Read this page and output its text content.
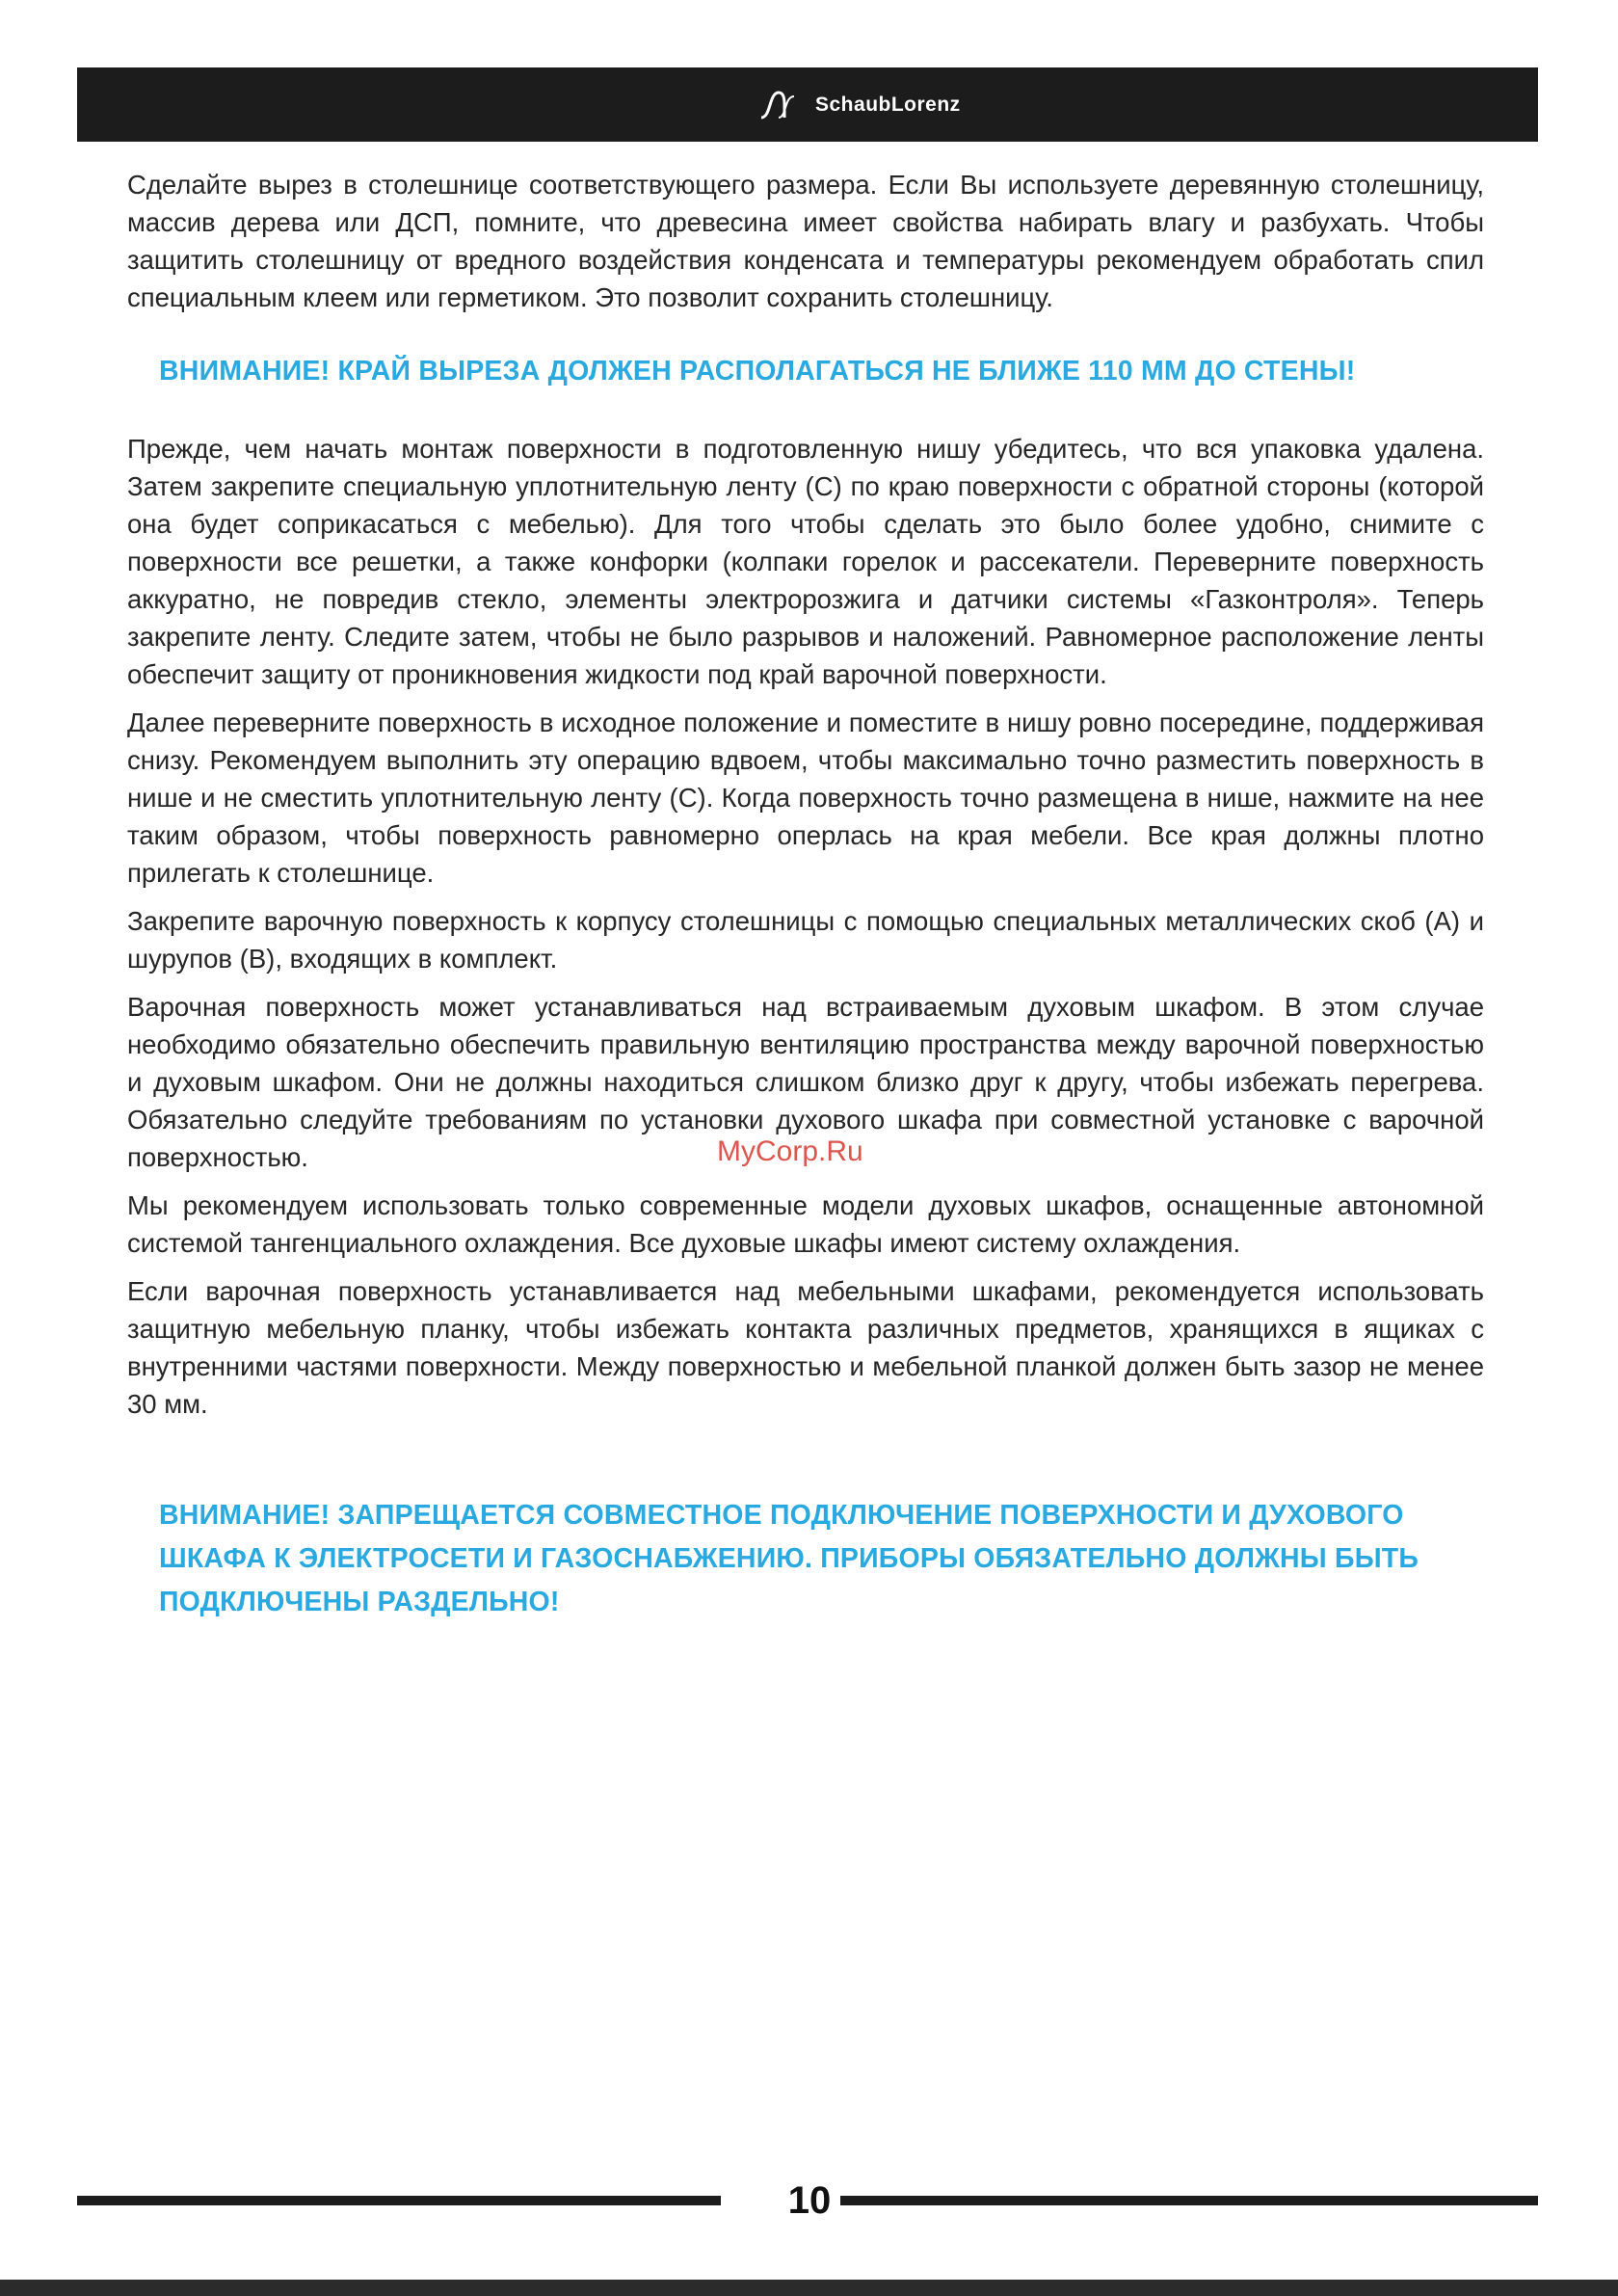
SchaubLorenz

Сделайте вырез в столешнице соответствующего размера. Если Вы используете деревянную столешницу, массив дерева или ДСП, помните, что древесина имеет свойства набирать влагу и разбухать. Чтобы защитить столешницу от вредного воздействия конденсата и температуры рекомендуем обработать спил специальным клеем или герметиком. Это позволит сохранить столешницу.

ВНИМАНИЕ! КРАЙ ВЫРЕЗА ДОЛЖЕН РАСПОЛАГАТЬСЯ НЕ БЛИЖЕ 110 ММ ДО СТЕНЫ!

Прежде, чем начать монтаж поверхности в подготовленную нишу убедитесь, что вся упаковка удалена. Затем закрепите специальную уплотнительную ленту (С) по краю поверхности с обратной стороны (которой она будет соприкасаться с мебелью). Для того чтобы сделать это было более удобно, снимите с поверхности все решетки, а также конфорки (колпаки горелок и рассекатели. Переверните поверхность аккуратно, не повредив стекло, элементы электророзжига и датчики системы «Газконтроля». Теперь закрепите ленту. Следите затем, чтобы не было разрывов и наложений. Равномерное расположение ленты обеспечит защиту от проникновения жидкости под край варочной поверхности.

Далее переверните поверхность в исходное положение и поместите в нишу ровно посередине, поддерживая снизу. Рекомендуем выполнить эту операцию вдвоем, чтобы максимально точно разместить поверхность в нише и не сместить уплотнительную ленту (С). Когда поверхность точно размещена в нише, нажмите на нее таким образом, чтобы поверхность равномерно оперлась на края мебели. Все края должны плотно прилегать к столешнице.

Закрепите варочную поверхность к корпусу столешницы с помощью специальных металлических скоб (А) и шурупов (В), входящих в комплект.

Варочная поверхность может устанавливаться над встраиваемым духовым шкафом. В этом случае необходимо обязательно обеспечить правильную вентиляцию пространства между варочной поверхностью и духовым шкафом. Они не должны находиться слишком близко друг к другу, чтобы избежать перегрева. Обязательно следуйте требованиям по установки духового шкафа при совместной установке с варочной поверхностью.

Мы рекомендуем использовать только современные модели духовых шкафов, оснащенные автономной системой тангенциального охлаждения. Все духовые шкафы имеют систему охлаждения.

Если варочная поверхность устанавливается над мебельными шкафами, рекомендуется использовать защитную мебельную планку, чтобы избежать контакта различных предметов, хранящихся в ящиках с внутренними частями поверхности. Между поверхностью и мебельной планкой должен быть зазор не менее 30 мм.

ВНИМАНИЕ! ЗАПРЕЩАЕТСЯ СОВМЕСТНОЕ ПОДКЛЮЧЕНИЕ ПОВЕРХНОСТИ И ДУХОВОГО ШКАФА К ЭЛЕКТРОСЕТИ И ГАЗОСНАБЖЕНИЮ. ПРИБОРЫ ОБЯЗАТЕЛЬНО ДОЛЖНЫ БЫТЬ ПОДКЛЮЧЕНЫ РАЗДЕЛЬНО!

MyCorp.Ru
10
